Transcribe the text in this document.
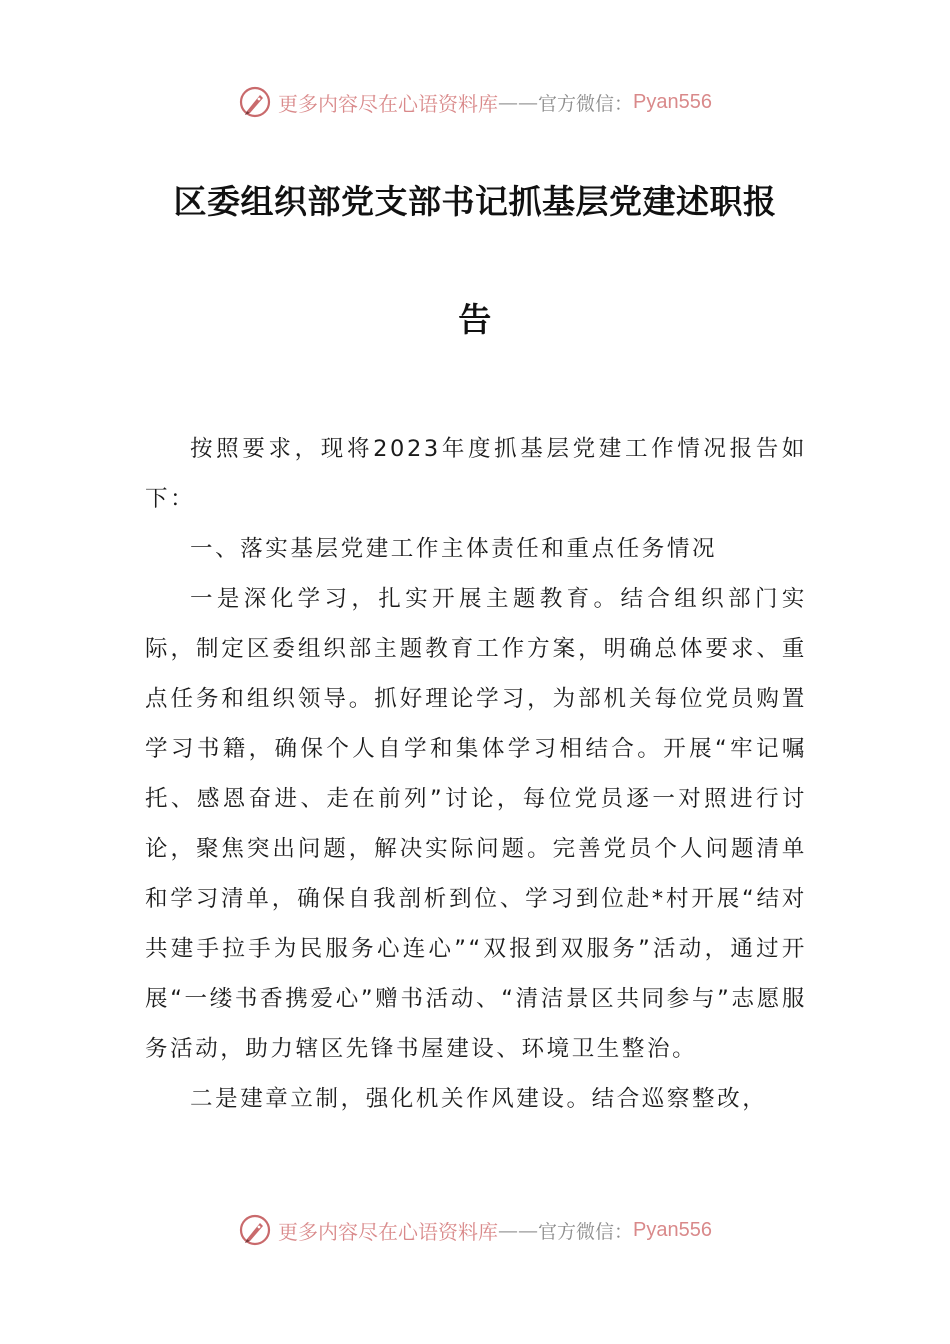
更多内容尽在心语资料库 —— 官方微信： Pyan556
区委组织部党支部书记抓基层党建述职报
告

按照要求，现将2023年度抓基层党建工作情况报告如下：

一、落实基层党建工作主体责任和重点任务情况

一是深化学习，扎实开展主题教育。结合组织部门实际，制定区委组织部主题教育工作方案，明确总体要求、重点任务和组织领导。抓好理论学习，为部机关每位党员购置学习书籍，确保个人自学和集体学习相结合。开展“牢记嘱托、感恩奋进、走在前列”讨论，每位党员逐一对照进行讨论，聚焦突出问题，解决实际问题。完善党员个人问题清单和学习清单，确保自我剖析到位、学习到位赴*村开展“结对共建手拉手为民服务心连心”“双报到双服务”活动，通过开展“一缕书香携爱心”赠书活动、“清洁景区共同参与”志愿服务活动，助力辖区先锋书屋建设、环境卫生整治。

二是建章立制，强化机关作风建设。结合巡察整改，

更多内容尽在心语资料库 —— 官方微信： Pyan556
